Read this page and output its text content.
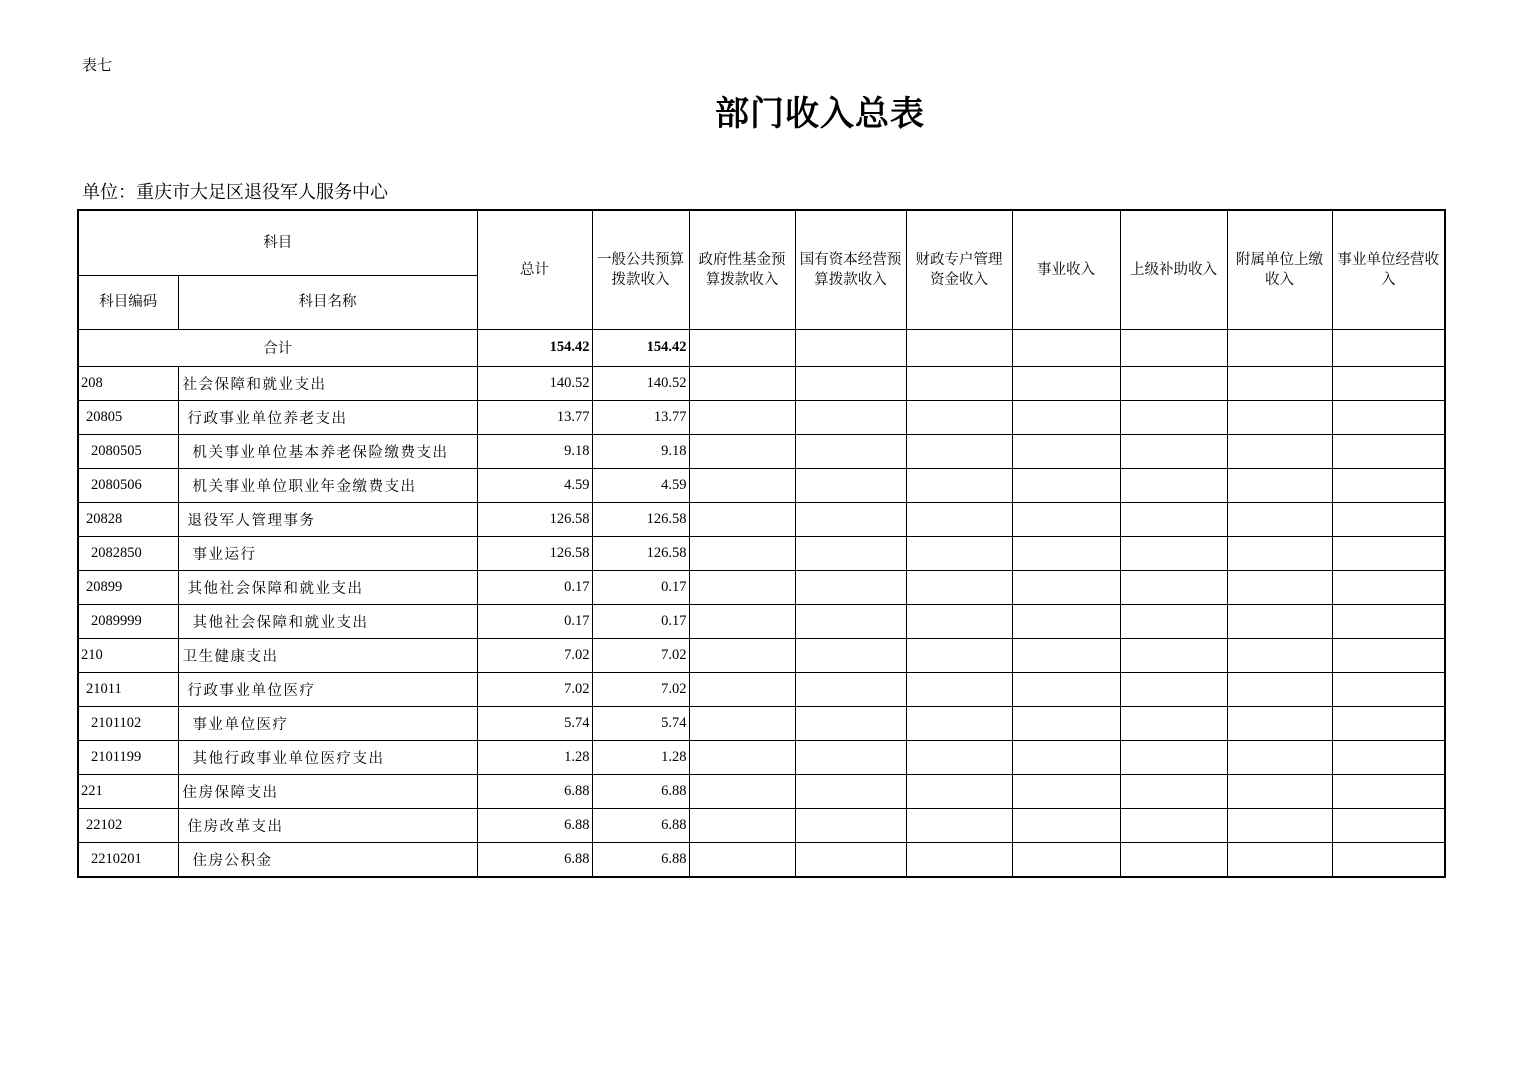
表七
部门收入总表
单位：重庆市大足区退役军人服务中心
科目		总计	一般公共预算拨款收入	政府性基金预算拨款收入	国有资本经营预算拨款收入	财政专户管理资金收入	事业收入	上级补助收入	附属单位上缴收入	事业单位经营收入
科目编码	科目名称									
合计		154.42	154.42							
208	社会保障和就业支出	140.52	140.52							
20805	行政事业单位养老支出	13.77	13.77							
2080505	机关事业单位基本养老保险缴费支出	9.18	9.18							
2080506	机关事业单位职业年金缴费支出	4.59	4.59							
20828	退役军人管理事务	126.58	126.58							
2082850	事业运行	126.58	126.58							
20899	其他社会保障和就业支出	0.17	0.17							
2089999	其他社会保障和就业支出	0.17	0.17							
210	卫生健康支出	7.02	7.02							
21011	行政事业单位医疗	7.02	7.02							
2101102	事业单位医疗	5.74	5.74							
2101199	其他行政事业单位医疗支出	1.28	1.28							
221	住房保障支出	6.88	6.88							
22102	住房改革支出	6.88	6.88							
2210201	住房公积金	6.88	6.88							
